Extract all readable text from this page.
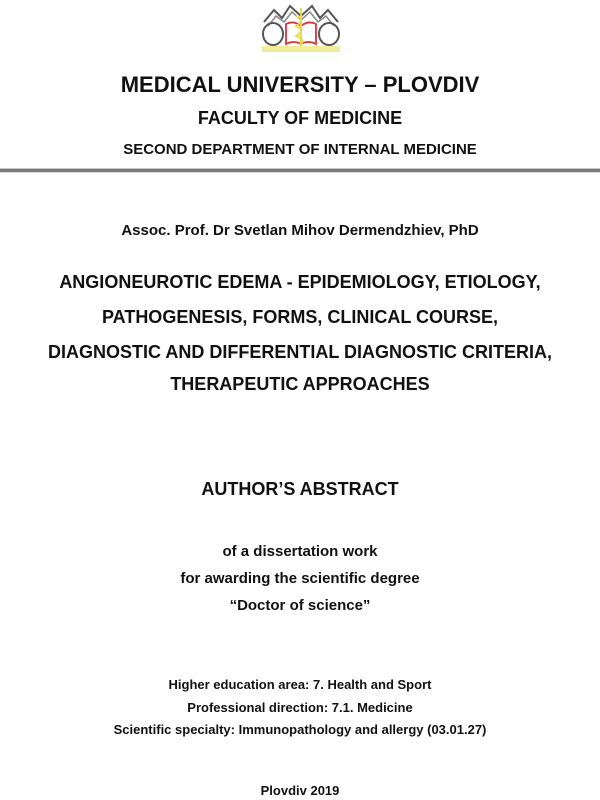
MEDICAL UNIVERSITY – PLOVDIV
FACULTY OF MEDICINE
SECOND DEPARTMENT OF INTERNAL MEDICINE
Assoc. Prof. Dr Svetlan Mihov Dermendzhiev, PhD
ANGIONEUROTIC EDEMA - EPIDEMIOLOGY, ETIOLOGY,
PATHOGENESIS, FORMS, CLINICAL COURSE,
DIAGNOSTIC AND DIFFERENTIAL DIAGNOSTIC CRITERIA,
THERAPEUTIC APPROACHES
AUTHOR’S ABSTRACT
of a dissertation work
for awarding the scientific degree
“Doctor of science”
Higher education area: 7. Health and Sport
Professional direction: 7.1. Medicine
Scientific specialty: Immunopathology and allergy (03.01.27)
Plovdiv 2019
